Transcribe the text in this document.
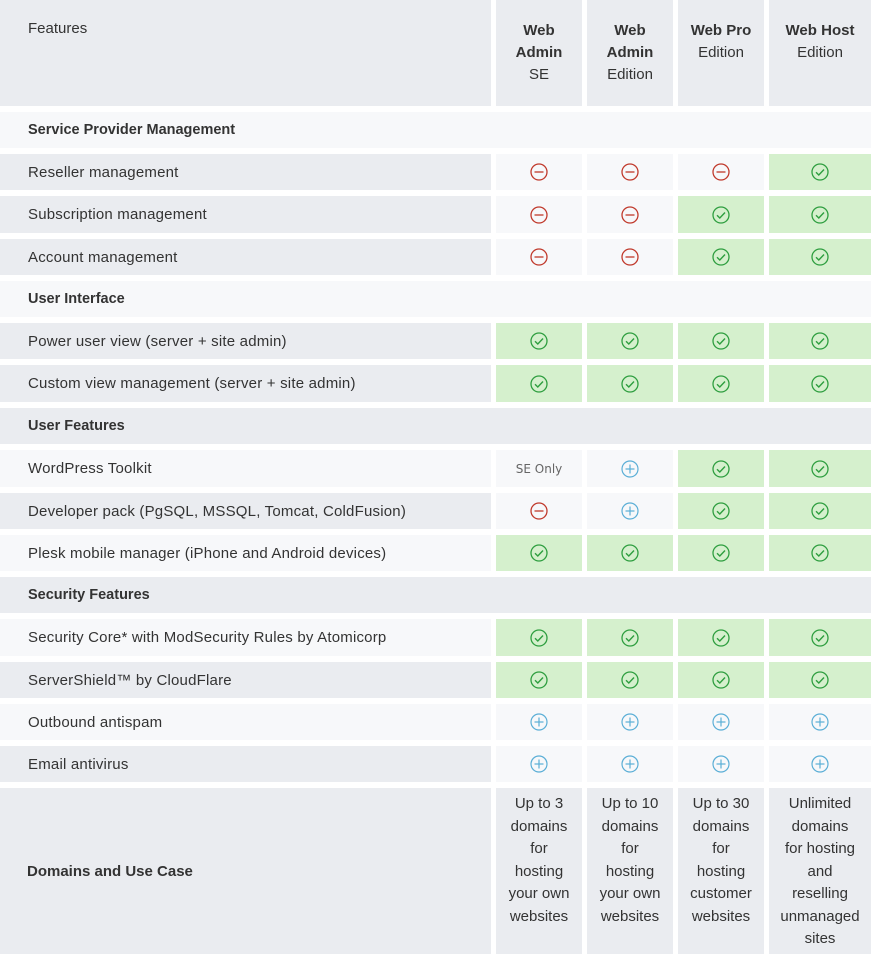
Features	Web
Admin
SE
Web
Admin
Edition
Web Pro
Edition
Web Host
Edition
Service Provider Management
Reseller management
Subscription management
Account management
User Interface
Power user view (server + site admin)
Custom view management (server + site admin)
User Features
WordPress Toolkit	SE Only
Developer pack (PgSQL, MSSQL, Tomcat, ColdFusion)
Plesk mobile manager (iPhone and Android devices)
Security Features
Security Core* with ModSecurity Rules by Atomicorp
ServerShield™ by CloudFlare
Outbound antispam
Email antivirus
Domains and Use Case
Up to 3
domains
for
hosting
your own
websites
Up to 10
domains
for
hosting
your own
websites
Up to 30
domains
for
hosting
customer
websites
Unlimited
domains
for hosting
and
reselling
unmanaged
sites
